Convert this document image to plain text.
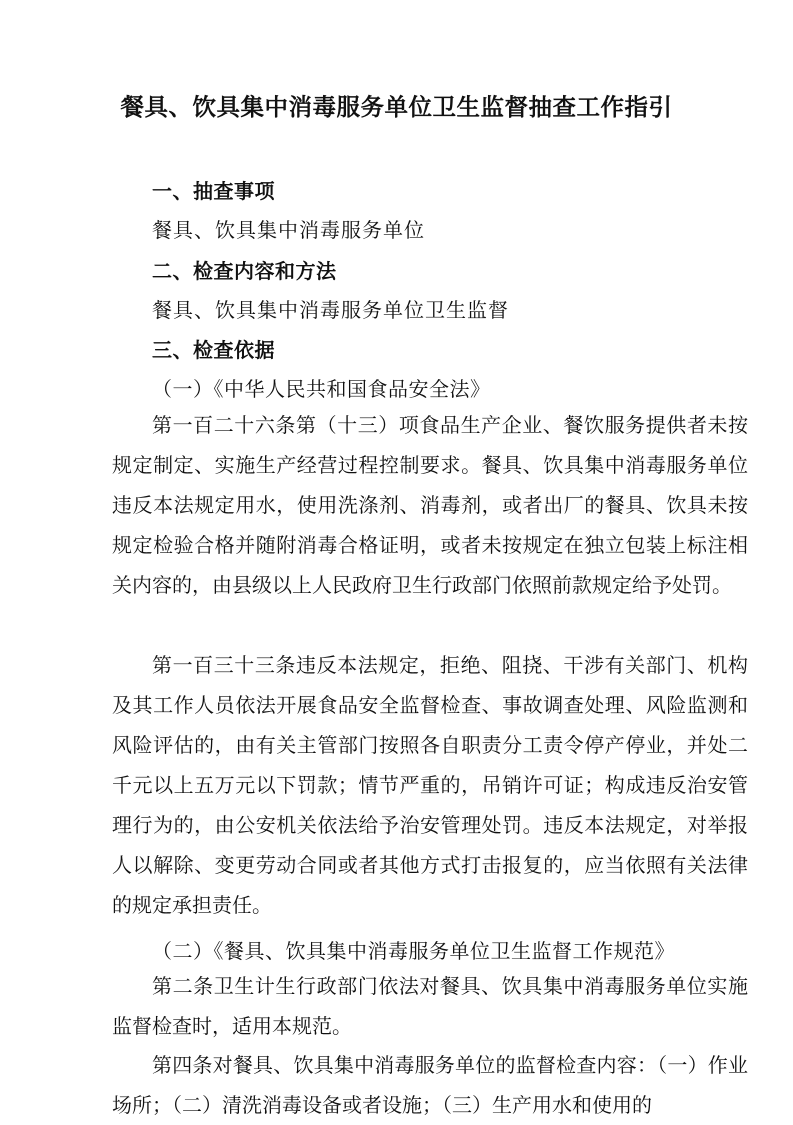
餐具、饮具集中消毒服务单位卫生监督抽查工作指引

一、抽查事项

餐具、饮具集中消毒服务单位

二、检查内容和方法

餐具、饮具集中消毒服务单位卫生监督

三、检查依据

（一）《中华人民共和国食品安全法》

第一百二十六条第（十三）项食品生产企业、餐饮服务提供者未按规定制定、实施生产经营过程控制要求。餐具、饮具集中消毒服务单位违反本法规定用水，使用洗涤剂、消毒剂，或者出厂的餐具、饮具未按规定检验合格并随附消毒合格证明，或者未按规定在独立包装上标注相关内容的，由县级以上人民政府卫生行政部门依照前款规定给予处罚。

第一百三十三条违反本法规定，拒绝、阻挠、干涉有关部门、机构及其工作人员依法开展食品安全监督检查、事故调查处理、风险监测和风险评估的，由有关主管部门按照各自职责分工责令停产停业，并处二千元以上五万元以下罚款；情节严重的，吊销许可证；构成违反治安管理行为的，由公安机关依法给予治安管理处罚。违反本法规定，对举报人以解除、变更劳动合同或者其他方式打击报复的，应当依照有关法律的规定承担责任。

（二）《餐具、饮具集中消毒服务单位卫生监督工作规范》

第二条卫生计生行政部门依法对餐具、饮具集中消毒服务单位实施监督检查时，适用本规范。

第四条对餐具、饮具集中消毒服务单位的监督检查内容：（一）作业场所；（二）清洗消毒设备或者设施；（三）生产用水和使用的
